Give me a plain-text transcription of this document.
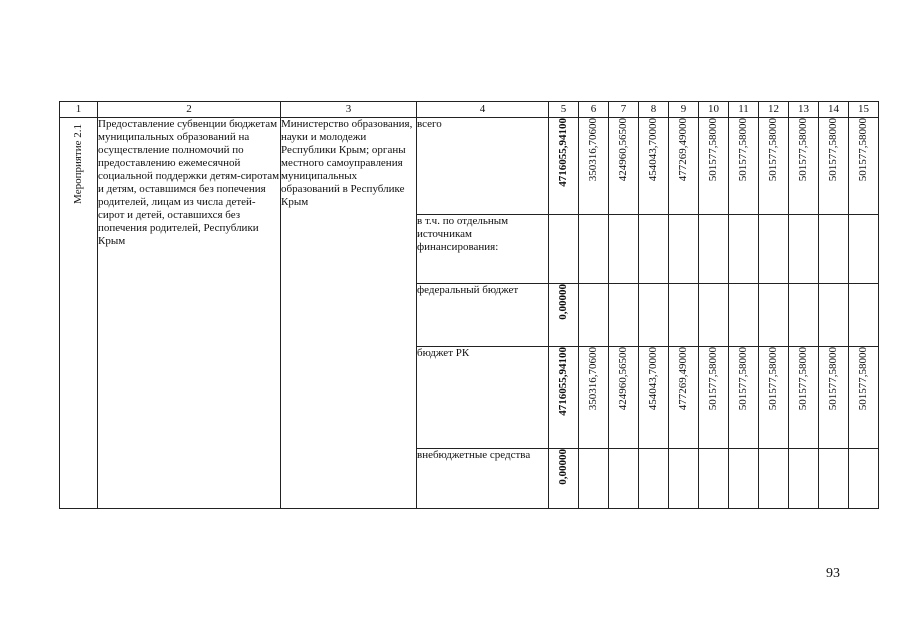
1	2	3	4	5	6	7	8	9	10	11	12	13	14	15

Мероприятие 2.1	Предоставление субвенции бюджетам муниципальных образований на осуществление полномочий по предоставлению ежемесячной социальной поддержки детям-сиротам и детям, оставшимся без попечения родителей, лицам из числа детей-сирот и детей, оставшихся без попечения родителей, Республики Крым	Министерство образования, науки и молодежи Республики Крым; органы местного самоуправления муниципальных образований в Республике Крым	всего	4716055,94100	350316,70600	424960,56500	454043,70000	477269,49000	501577,58000	501577,58000	501577,58000	501577,58000	501577,58000	501577,58000

			в т.ч. по отдельным источникам финансирования:	

			федеральный бюджет	0,00000										

			бюджет РК	4716055,94100	350316,70600	424960,56500	454043,70000	477269,49000	501577,58000	501577,58000	501577,58000	501577,58000	501577,58000	501577,58000

			внебюджетные средства	0,00000										

93
